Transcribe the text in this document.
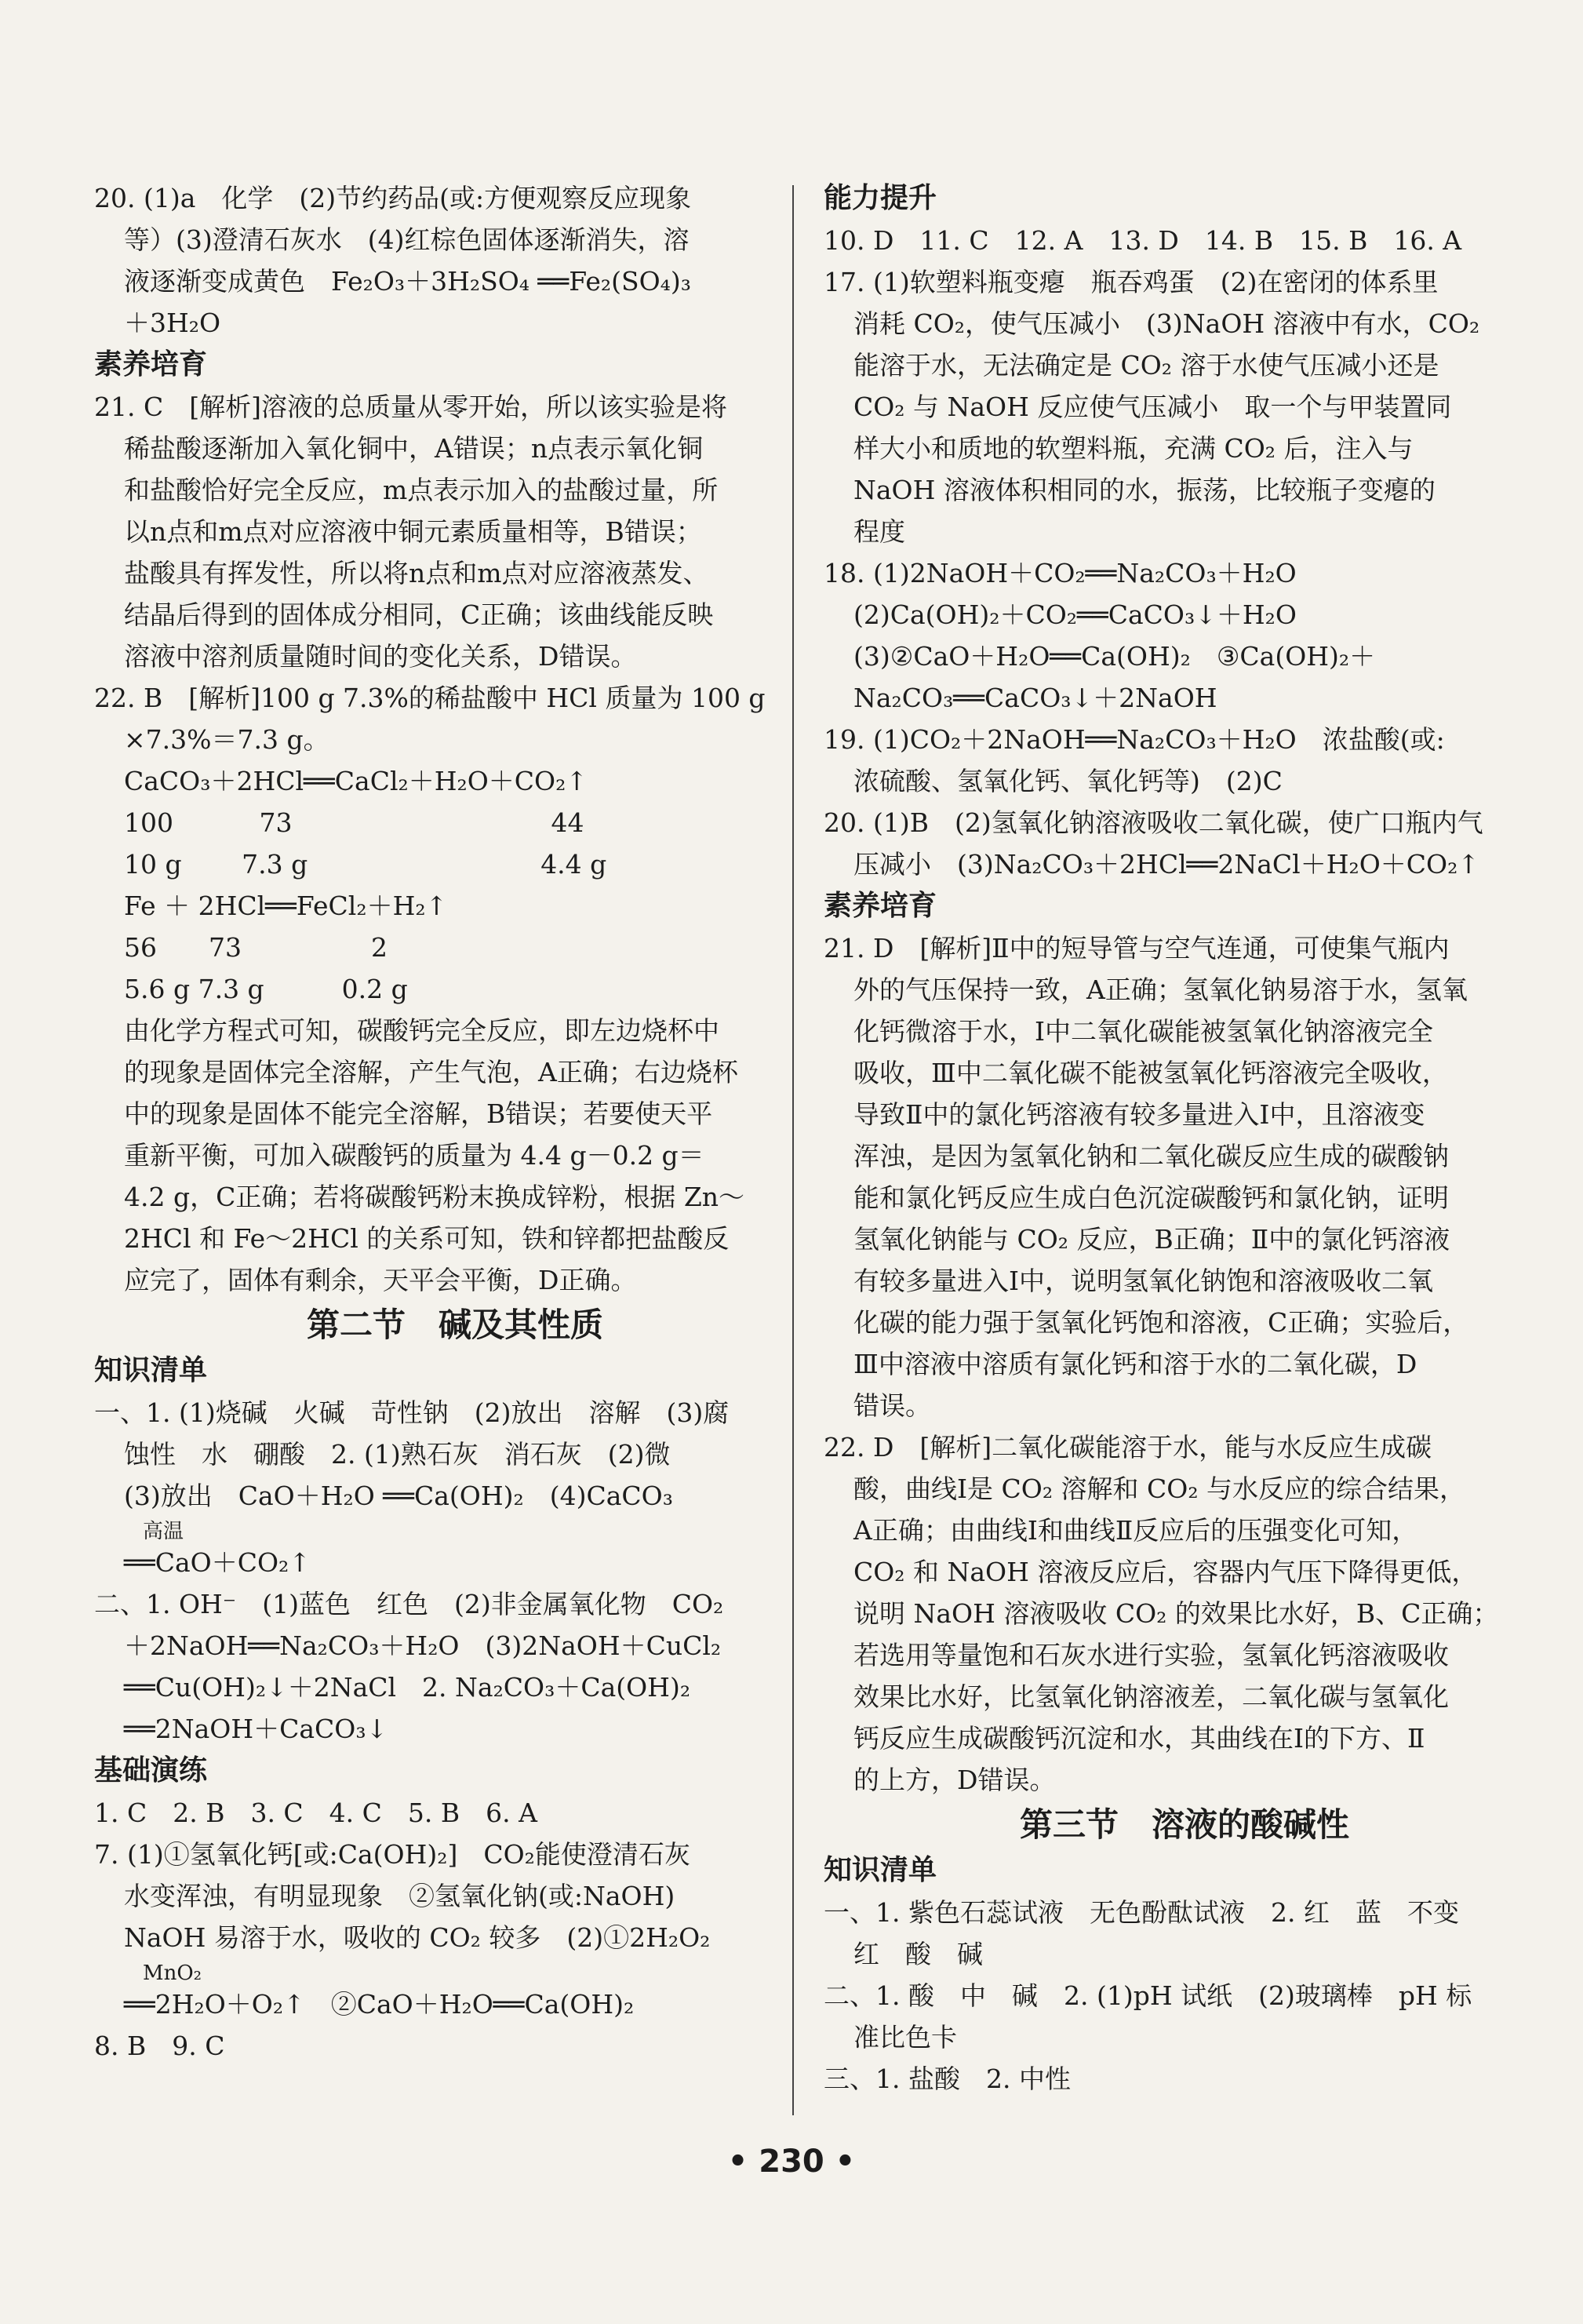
20. (1)a　化学　(2)节约药品(或:方便观察反应现象
等）(3)澄清石灰水　(4)红棕色固体逐渐消失，溶
液逐渐变成黄色　Fe₂O₃＋3H₂SO₄ ══Fe₂(SO₄)₃
＋3H₂O
素养培育
21. C　[解析]溶液的总质量从零开始，所以该实验是将
稀盐酸逐渐加入氧化铜中，A错误；n点表示氧化铜
和盐酸恰好完全反应，m点表示加入的盐酸过量，所
以n点和m点对应溶液中铜元素质量相等，B错误；
盐酸具有挥发性，所以将n点和m点对应溶液蒸发、
结晶后得到的固体成分相同，C正确；该曲线能反映
溶液中溶剂质量随时间的变化关系，D错误。
22. B　[解析]100 g 7.3%的稀盐酸中 HCl 质量为 100 g
×7.3%＝7.3 g。
CaCO₃＋2HCl══CaCl₂＋H₂O＋CO₂↑
100　　　 73　　　　　　　　　　44
10 g　　 7.3 g　　　　　　　　　4.4 g
Fe ＋ 2HCl══FeCl₂＋H₂↑
56　　73　　　　　2
5.6 g 7.3 g　　　0.2 g
由化学方程式可知，碳酸钙完全反应，即左边烧杯中
的现象是固体完全溶解，产生气泡，A正确；右边烧杯
中的现象是固体不能完全溶解，B错误；若要使天平
重新平衡，可加入碳酸钙的质量为 4.4 g－0.2 g＝
4.2 g，C正确；若将碳酸钙粉末换成锌粉，根据 Zn～
2HCl 和 Fe～2HCl 的关系可知，铁和锌都把盐酸反
应完了，固体有剩余，天平会平衡，D正确。
第二节　碱及其性质
知识清单
一、1. (1)烧碱　火碱　苛性钠　(2)放出　溶解　(3)腐
蚀性　水　硼酸　2. (1)熟石灰　消石灰　(2)微
(3)放出　CaO＋H₂O ══Ca(OH)₂　(4)CaCO₃
高温
══CaO＋CO₂↑
二、1. OH⁻　(1)蓝色　红色　(2)非金属氧化物　CO₂
＋2NaOH══Na₂CO₃＋H₂O　(3)2NaOH＋CuCl₂
══Cu(OH)₂↓＋2NaCl　2. Na₂CO₃＋Ca(OH)₂
══2NaOH＋CaCO₃↓
基础演练
1. C　2. B　3. C　4. C　5. B　6. A
7. (1)①氢氧化钙[或:Ca(OH)₂]　CO₂能使澄清石灰
水变浑浊，有明显现象　②氢氧化钠(或:NaOH)
NaOH 易溶于水，吸收的 CO₂ 较多　(2)①2H₂O₂
MnO₂
══2H₂O＋O₂↑　②CaO＋H₂O══Ca(OH)₂
8. B　9. C
能力提升
10. D　11. C　12. A　13. D　14. B　15. B　16. A
17. (1)软塑料瓶变瘪　瓶吞鸡蛋　(2)在密闭的体系里
消耗 CO₂，使气压减小　(3)NaOH 溶液中有水，CO₂
能溶于水，无法确定是 CO₂ 溶于水使气压减小还是
CO₂ 与 NaOH 反应使气压减小　取一个与甲装置同
样大小和质地的软塑料瓶，充满 CO₂ 后，注入与
NaOH 溶液体积相同的水，振荡，比较瓶子变瘪的
程度
18. (1)2NaOH＋CO₂══Na₂CO₃＋H₂O
(2)Ca(OH)₂＋CO₂══CaCO₃↓＋H₂O
(3)②CaO＋H₂O══Ca(OH)₂　③Ca(OH)₂＋
Na₂CO₃══CaCO₃↓＋2NaOH
19. (1)CO₂＋2NaOH══Na₂CO₃＋H₂O　浓盐酸(或:
浓硫酸、氢氧化钙、氧化钙等)　(2)C
20. (1)B　(2)氢氧化钠溶液吸收二氧化碳，使广口瓶内气
压减小　(3)Na₂CO₃＋2HCl══2NaCl＋H₂O＋CO₂↑
素养培育
21. D　[解析]Ⅱ中的短导管与空气连通，可使集气瓶内
外的气压保持一致，A正确；氢氧化钠易溶于水，氢氧
化钙微溶于水，Ⅰ中二氧化碳能被氢氧化钠溶液完全
吸收，Ⅲ中二氧化碳不能被氢氧化钙溶液完全吸收，
导致Ⅱ中的氯化钙溶液有较多量进入Ⅰ中，且溶液变
浑浊，是因为氢氧化钠和二氧化碳反应生成的碳酸钠
能和氯化钙反应生成白色沉淀碳酸钙和氯化钠，证明
氢氧化钠能与 CO₂ 反应，B正确；Ⅱ中的氯化钙溶液
有较多量进入Ⅰ中，说明氢氧化钠饱和溶液吸收二氧
化碳的能力强于氢氧化钙饱和溶液，C正确；实验后，
Ⅲ中溶液中溶质有氯化钙和溶于水的二氧化碳，D
错误。
22. D　[解析]二氧化碳能溶于水，能与水反应生成碳
酸，曲线Ⅰ是 CO₂ 溶解和 CO₂ 与水反应的综合结果，
A正确；由曲线Ⅰ和曲线Ⅱ反应后的压强变化可知，
CO₂ 和 NaOH 溶液反应后，容器内气压下降得更低，
说明 NaOH 溶液吸收 CO₂ 的效果比水好，B、C正确；
若选用等量饱和石灰水进行实验，氢氧化钙溶液吸收
效果比水好，比氢氧化钠溶液差，二氧化碳与氢氧化
钙反应生成碳酸钙沉淀和水，其曲线在Ⅰ的下方、Ⅱ
的上方，D错误。
第三节　溶液的酸碱性
知识清单
一、1. 紫色石蕊试液　无色酚酞试液　2. 红　蓝　不变
红　酸　碱
二、1. 酸　中　碱　2. (1)pH 试纸　(2)玻璃棒　pH 标
准比色卡
三、1. 盐酸　2. 中性
• 230 •
